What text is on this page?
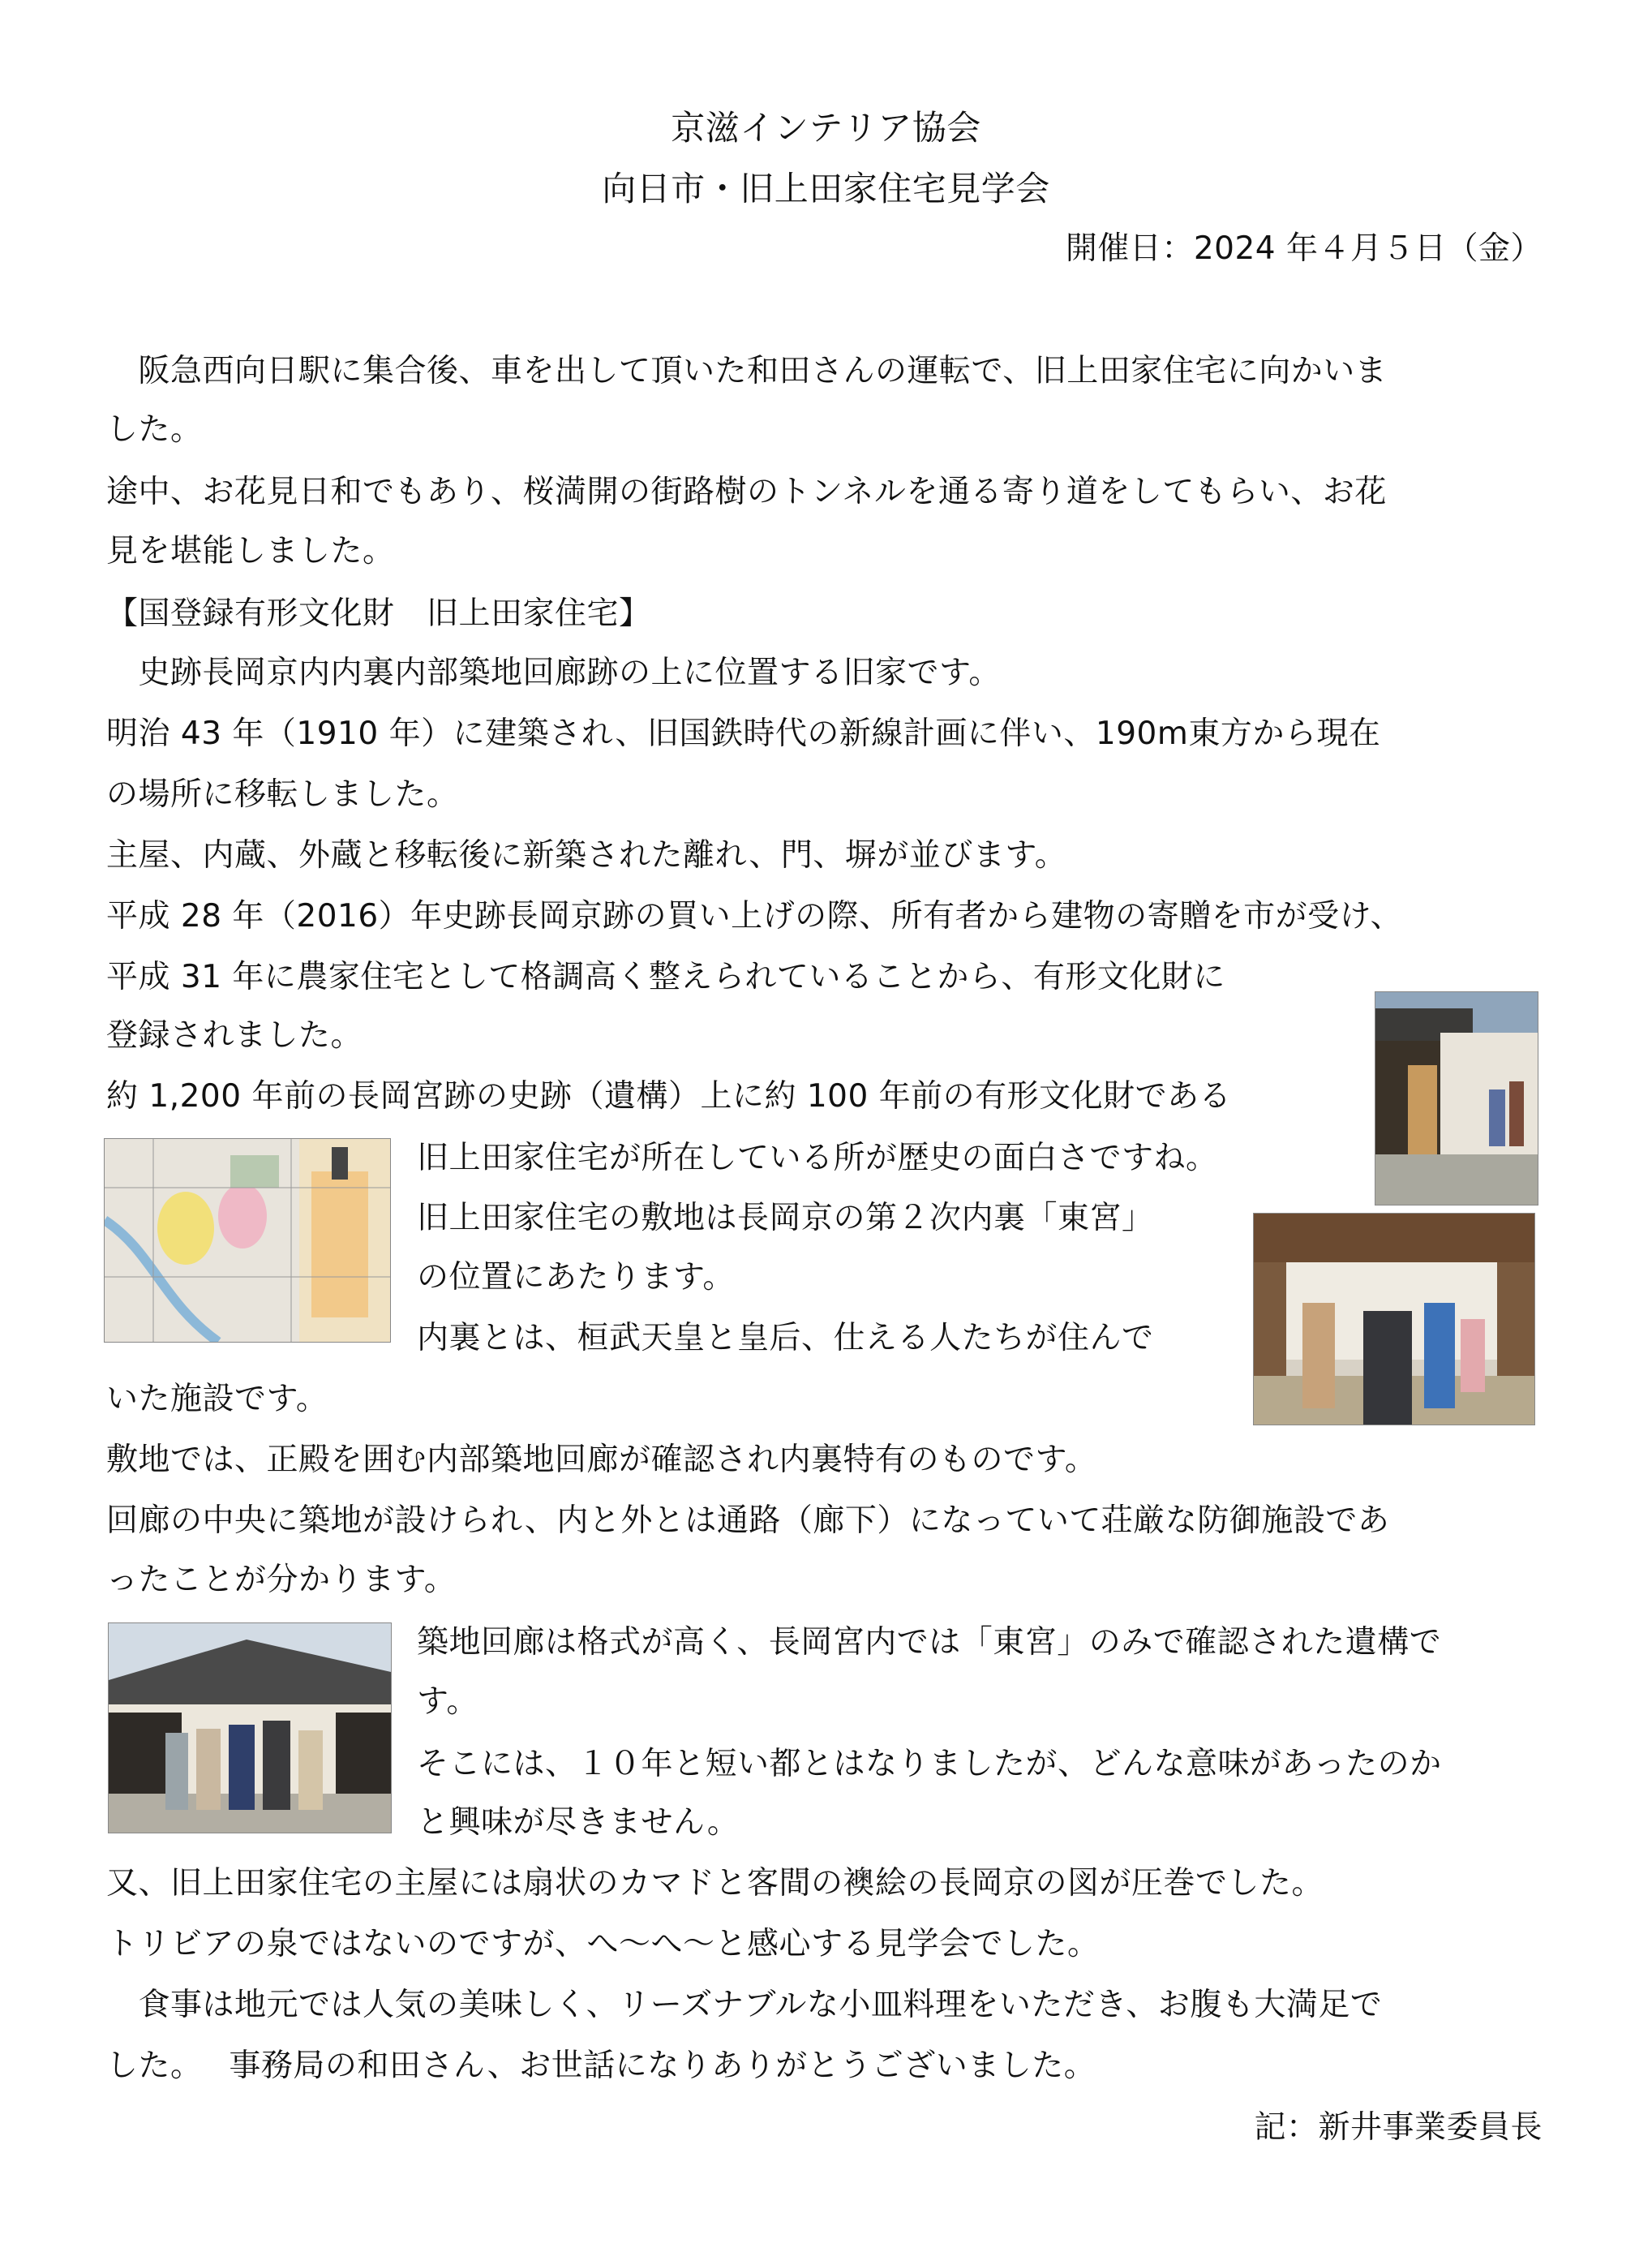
京滋インテリア協会
向日市・旧上田家住宅見学会
開催日：2024 年４月５日（金）
　阪急西向日駅に集合後、車を出して頂いた和田さんの運転で、旧上田家住宅に向かいま
した。
途中、お花見日和でもあり、桜満開の街路樹のトンネルを通る寄り道をしてもらい、お花
見を堪能しました。
【国登録有形文化財　旧上田家住宅】
　史跡長岡京内内裏内部築地回廊跡の上に位置する旧家です。
明治 43 年（1910 年）に建築され、旧国鉄時代の新線計画に伴い、190m東方から現在
の場所に移転しました。
主屋、内蔵、外蔵と移転後に新築された離れ、門、塀が並びます。
平成 28 年（2016）年史跡長岡京跡の買い上げの際、所有者から建物の寄贈を市が受け、
平成 31 年に農家住宅として格調高く整えられていることから、有形文化財に
登録されました。
約 1,200 年前の長岡宮跡の史跡（遺構）上に約 100 年前の有形文化財である
旧上田家住宅が所在している所が歴史の面白さですね。
旧上田家住宅の敷地は長岡京の第２次内裏「東宮」
の位置にあたります。
内裏とは、桓武天皇と皇后、仕える人たちが住んで
いた施設です。
敷地では、正殿を囲む内部築地回廊が確認され内裏特有のものです。
回廊の中央に築地が設けられ、内と外とは通路（廊下）になっていて荘厳な防御施設であ
ったことが分かります。
築地回廊は格式が高く、長岡宮内では「東宮」のみで確認された遺構で
す。
そこには、１０年と短い都とはなりましたが、どんな意味があったのか
と興味が尽きません。
又、旧上田家住宅の主屋には扇状のカマドと客間の襖絵の長岡京の図が圧巻でした。
トリビアの泉ではないのですが、へ～へ～と感心する見学会でした。
　食事は地元では人気の美味しく、リーズナブルな小皿料理をいただき、お腹も大満足で
した。　 事務局の和田さん、お世話になりありがとうございました。
記：新井事業委員長
